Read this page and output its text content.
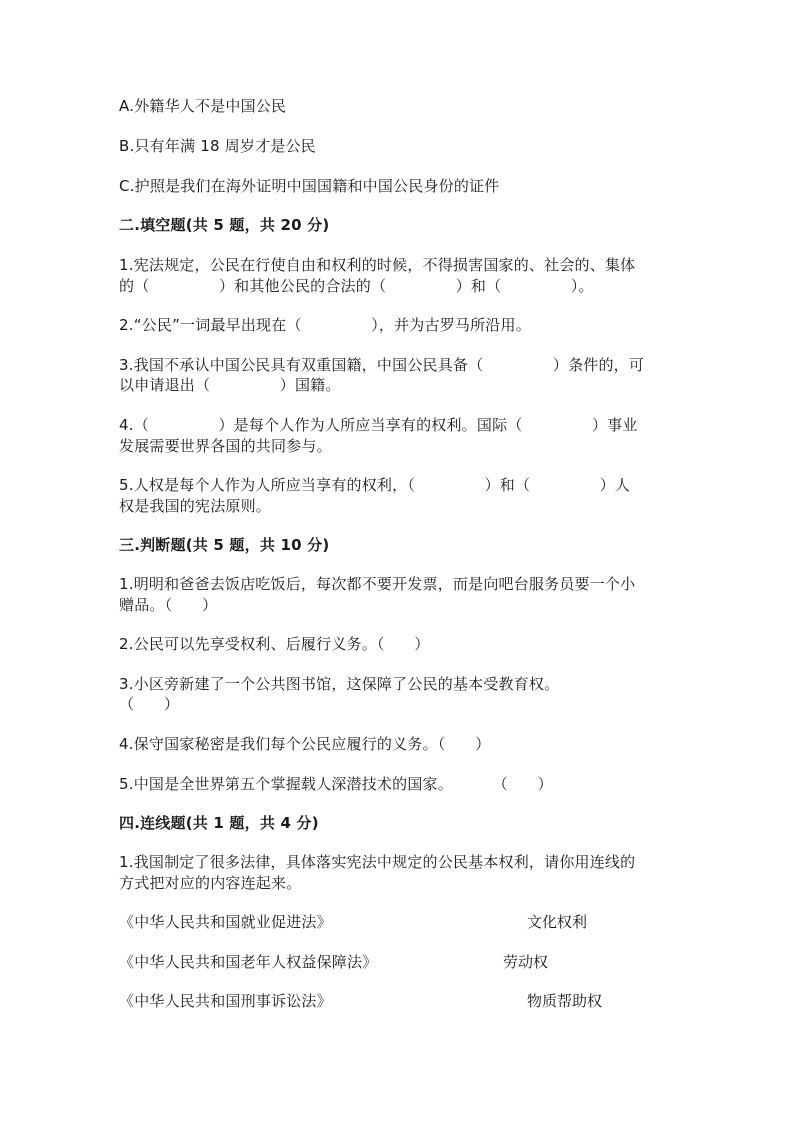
A.外籍华人不是中国公民
B.只有年满 18 周岁才是公民
C.护照是我们在海外证明中国国籍和中国公民身份的证件
二.填空题(共 5 题，共 20 分)
1.宪法规定，公民在行使自由和权利的时候，不得损害国家的、社会的、集体
的（              ）和其他公民的合法的（              ）和（              ）。
2.“公民”一词最早出现在（              ），并为古罗马所沿用。
3.我国不承认中国公民具有双重国籍，中国公民具备（              ）条件的，可
以申请退出（              ）国籍。
4.（              ）是每个人作为人所应当享有的权利。国际（              ）事业
发展需要世界各国的共同参与。
5.人权是每个人作为人所应当享有的权利，（              ）和（              ）人
权是我国的宪法原则。
三.判断题(共 5 题，共 10 分)
1.明明和爸爸去饭店吃饭后，每次都不要开发票，而是向吧台服务员要一个小
赠品。（      ）
2.公民可以先享受权利、后履行义务。（      ）
3.小区旁新建了一个公共图书馆，这保障了公民的基本受教育权。
（      ）
4.保守国家秘密是我们每个公民应履行的义务。（      ）
5.中国是全世界第五个掌握载人深潜技术的国家。        （      ）
四.连线题(共 1 题，共 4 分)
1.我国制定了很多法律，具体落实宪法中规定的公民基本权利，请你用连线的
方式把对应的内容连起来。
《中华人民共和国就业促进法》	文化权利
《中华人民共和国老年人权益保障法》	劳动权
《中华人民共和国刑事诉讼法》	物质帮助权
